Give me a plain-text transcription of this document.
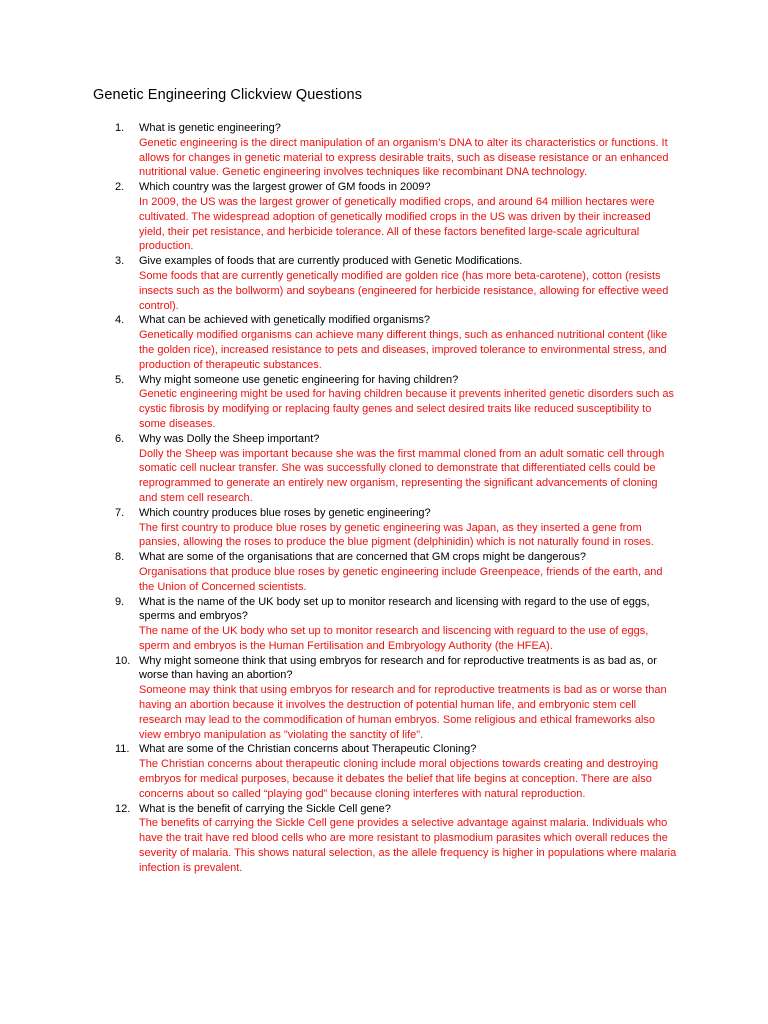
Genetic Engineering Clickview Questions
1.	What is genetic engineering?
Genetic engineering is the direct manipulation of an organism’s DNA to alter its characteristics or functions. It allows for changes in genetic material to express desirable traits, such as disease resistance or an enhanced nutritional value. Genetic engineering involves techniques like recombinant DNA technology.
2.	Which country was the largest grower of GM foods in 2009?
In 2009, the US was the largest grower of genetically modified crops, and around 64 million hectares were cultivated. The widespread adoption of genetically modified crops in the US was driven by their increased yield, their pet resistance, and herbicide tolerance. All of these factors benefited large-scale agricultural production.
3.	Give examples of foods that are currently produced with Genetic Modifications.
Some foods that are currently genetically modified are golden rice (has more beta-carotene), cotton (resists insects such as the bollworm) and soybeans (engineered for herbicide resistance, allowing for effective weed control).
4.	What can be achieved with genetically modified organisms?
Genetically modified organisms can achieve many different things, such as enhanced nutritional content (like the golden rice), increased resistance to pets and diseases, improved tolerance to environmental stress, and production of therapeutic substances.
5.	Why might someone use genetic engineering for having children?
Genetic engineering might be used for having children because it prevents inherited genetic disorders such as cystic fibrosis by modifying or replacing faulty genes and select desired traits like reduced susceptibility to some diseases.
6.	Why was Dolly the Sheep important?
Dolly the Sheep was important because she was the first mammal cloned from an adult somatic cell through somatic cell nuclear transfer. She was successfully cloned to demonstrate that differentiated cells could be reprogrammed to generate an entirely new organism, representing the significant advancements of cloning and stem cell research.
7.	Which country produces blue roses by genetic engineering?
The first country to produce blue roses by genetic engineering was Japan, as they inserted a gene from pansies, allowing the roses to produce the blue pigment (delphinidin) which is not naturally found in roses.
8.	What are some of the organisations that are concerned that GM crops might be dangerous?
Organisations that produce blue roses by genetic engineering include Greenpeace, friends of the earth, and the Union of Concerned scientists.
9.	What is the name of the UK body set up to monitor research and licensing with regard to the use of eggs, sperms and embryos?
The name of the UK body who set up to monitor research and liscencing with reguard to the use of eggs, sperm and embryos is the Human Fertilisation and Embryology Authority (the HFEA).
10. Why might someone think that using embryos for research and for reproductive treatments is as bad as, or worse than having an abortion?
Someone may think that using embryos for research and for reproductive treatments is bad as or worse than having an abortion because it involves the destruction of potential human life, and embryonic stem cell research may lead to the commodification of human embryos. Some religious and ethical frameworks also view embryo manipulation as "violating the sanctity of life".
11. What are some of the Christian concerns about Therapeutic Cloning?
The Christian concerns about therapeutic cloning include moral objections towards creating and destroying embryos for medical purposes, because it debates the belief that life begins at conception. There are also concerns about so called “playing god” because cloning interferes with natural reproduction.
12. What is the benefit of carrying the Sickle Cell gene?
The benefits of carrying the Sickle Cell gene provides a selective advantage against malaria. Individuals who have the trait have red blood cells who are more resistant to plasmodium parasites which overall reduces the severity of malaria. This shows natural selection, as the allele frequency is higher in populations where malaria infection is prevalent.
